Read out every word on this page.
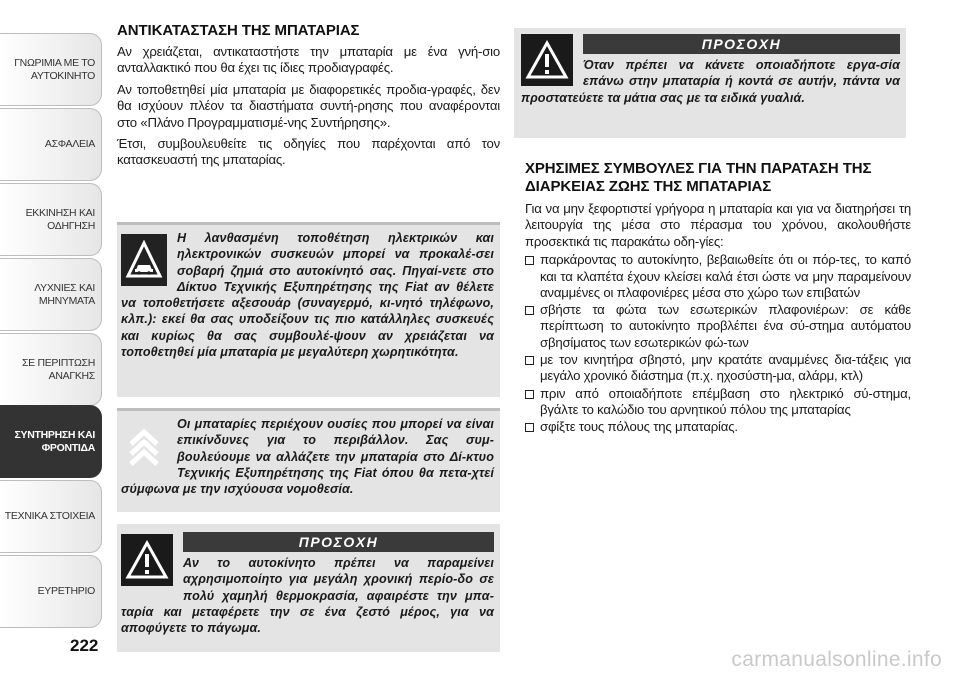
ΓΝΩΡΙΜΙΑ ΜΕ ΤΟ
ΑΥΤΟΚΙΝΗΤΟ
ΑΣΦΑΛΕΙΑ
ΕΚΚΙΝΗΣΗ ΚΑΙ
ΟΔΗΓΗΣΗ
ΛΥΧΝΙΕΣ ΚΑΙ
ΜΗΝΥΜΑΤΑ
ΣΕ ΠΕΡΙΠΤΩΣΗ
ΑΝΑΓΚΗΣ
ΣΥΝΤΗΡΗΣΗ ΚΑΙ
ΦΡΟΝΤΙΔΑ
ΤΕΧΝΙΚΑ ΣΤΟΙΧΕΙΑ
ΕΥΡΕΤΗΡΙΟ
222
carmanualsonline.info
ΑΝΤΙΚΑΤΑΣΤΑΣΗ ΤΗΣ ΜΠΑΤΑΡΙΑΣ

Αν χρειάζεται, αντικαταστήστε την μπαταρία με ένα γνή-σιο ανταλλακτικό που θα έχει τις ίδιες προδιαγραφές.

Αν τοποθετηθεί μία μπαταρία με διαφορετικές προδια-γραφές, δεν θα ισχύουν πλέον τα διαστήματα συντή-ρησης που αναφέρονται στο «Πλάνο Προγραμματισμέ-νης Συντήρησης».

Έτσι, συμβουλευθείτε τις οδηγίες που παρέχονται από τον κατασκευαστή της μπαταρίας.

Η λανθασμένη τοποθέτηση ηλεκτρικών και ηλεκτρονικών συσκευών μπορεί να προκαλέ-σει σοβαρή ζημιά στο αυτοκίνητό σας. Πηγαί-νετε στο Δίκτυο Τεχνικής Εξυπηρέτησης της Fiat αν θέλετε να τοποθετήσετε αξεσουάρ (συναγερμό, κι-νητό τηλέφωνο, κλπ.): εκεί θα σας υποδείξουν τις πιο κατάλληλες συσκευές και κυρίως θα σας συμβουλέ-ψουν αν χρειάζεται να τοποθετηθεί μία μπαταρία με μεγαλύτερη χωρητικότητα.
Οι μπαταρίες περιέχουν ουσίες που μπορεί να είναι επικίνδυνες για το περιβάλλον. Σας συμ-βουλεύουμε να αλλάζετε την μπαταρία στο Δί-κτυο Τεχνικής Εξυπηρέτησης της Fiat όπου θα πετα-χτεί σύμφωνα με την ισχύουσα νομοθεσία.
ΠΡΟΣΟΧΗ
Αν το αυτοκίνητο πρέπει να παραμείνει αχρησιμοποίητο για μεγάλη χρονική περίο-δο σε πολύ χαμηλή θερμοκρασία, αφαιρέστε την μπα-ταρία και μεταφέρετε την σε ένα ζεστό μέρος, για να αποφύγετε το πάγωμα.
ΠΡΟΣΟΧΗ
Όταν πρέπει να κάνετε οποιαδήποτε εργα-σία επάνω στην μπαταρία ή κοντά σε αυτήν, πάντα να προστατεύετε τα μάτια σας με τα ειδικά γυαλιά.
ΧΡΗΣΙΜΕΣ ΣΥΜΒΟΥΛΕΣ ΓΙΑ ΤΗΝ ΠΑΡΑΤΑΣΗ ΤΗΣ ΔΙΑΡΚΕΙΑΣ ΖΩΗΣ ΤΗΣ ΜΠΑΤΑΡΙΑΣ

Για να μην ξεφορτιστεί γρήγορα η μπαταρία και για να διατηρήσει τη λειτουργία της μέσα στο πέρασμα του χρόνου, ακολουθήστε προσεκτικά τις παρακάτω οδη-γίες:

παρκάροντας το αυτοκίνητο, βεβαιωθείτε ότι οι πόρ-τες, το καπό και τα κλαπέτα έχουν κλείσει καλά έτσι ώστε να μην παραμείνουν αναμμένες οι πλαφονιέρες μέσα στο χώρο των επιβατών
σβήστε τα φώτα των εσωτερικών πλαφονιέρων: σε κάθε περίπτωση το αυτοκίνητο προβλέπει ένα σύ-στημα αυτόματου σβησίματος των εσωτερικών φώ-των
με τον κινητήρα σβηστό, μην κρατάτε αναμμένες δια-τάξεις για μεγάλο χρονικό διάστημα (π.χ. ηχοσύστη-μα, αλάρμ, κτλ)
πριν από οποιαδήποτε επέμβαση στο ηλεκτρικό σύ-στημα, βγάλτε το καλώδιο του αρνητικού πόλου της μπαταρίας
σφίξτε τους πόλους της μπαταρίας.
